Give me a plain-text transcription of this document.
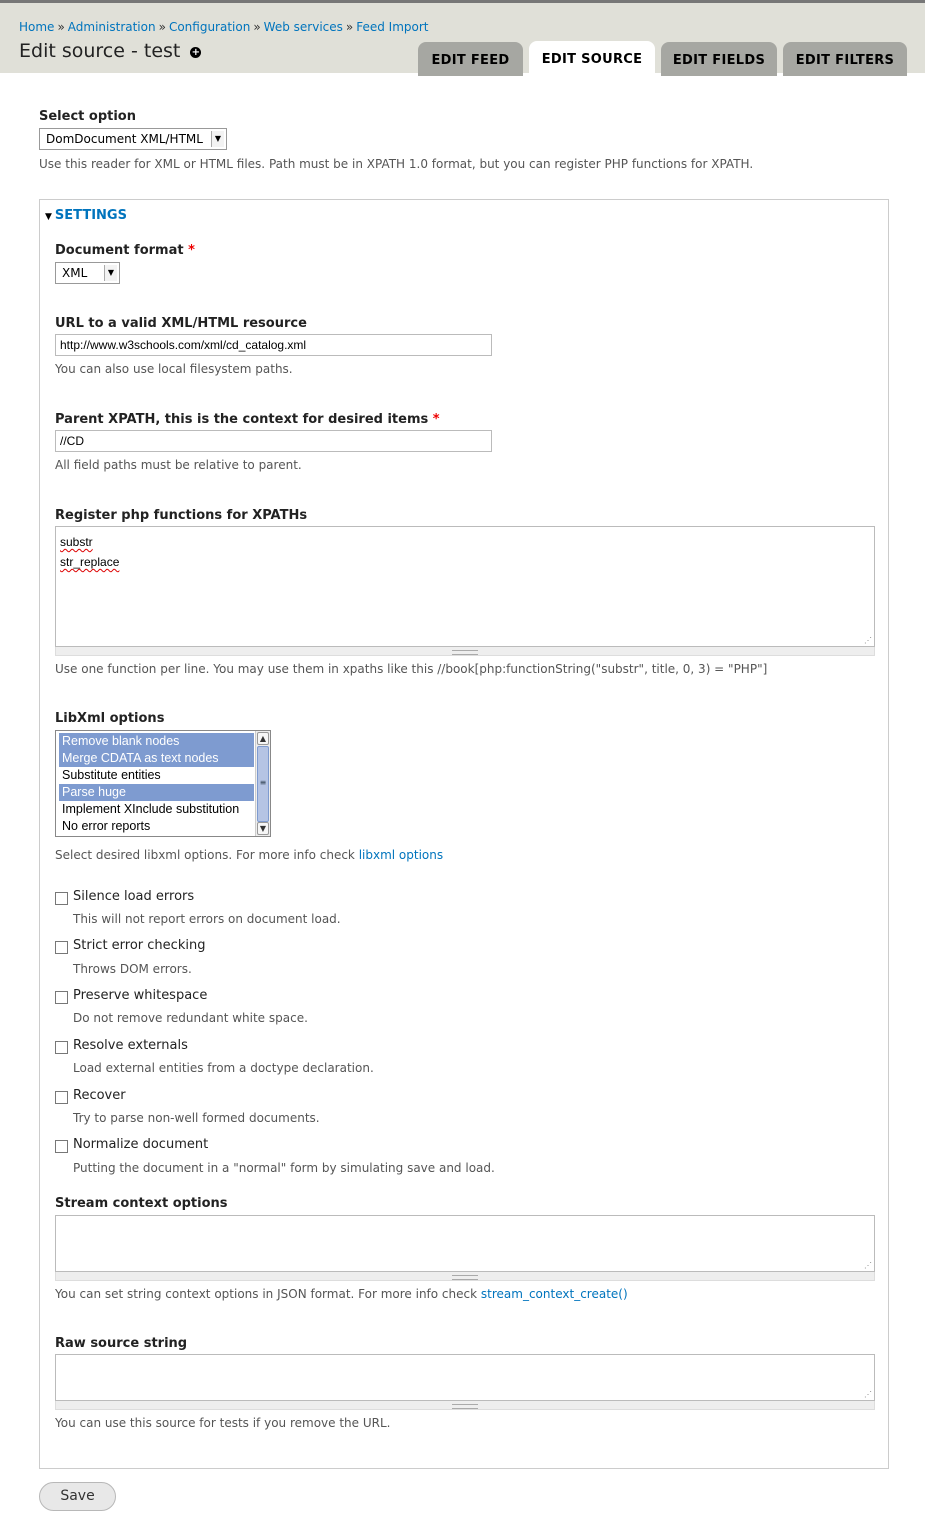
Home » Administration » Configuration » Web services » Feed Import
Edit source - test +
EDIT FEED	EDIT SOURCE	EDIT FIELDS	EDIT FILTERS
Select option
DomDocument XML/HTML	▼
Use this reader for XML or HTML files. Path must be in XPATH 1.0 format, but you can register PHP functions for XPATH.
▼ SETTINGS
Document format *
XML	▼
URL to a valid XML/HTML resource
http://www.w3schools.com/xml/cd_catalog.xml
You can also use local filesystem paths.
Parent XPATH, this is the context for desired items *
//CD
All field paths must be relative to parent.
Register php functions for XPATHs
substr
str_replace
⋰
Use one function per line. You may use them in xpaths like this //book[php:functionString("substr", title, 0, 3) = "PHP"]
LibXml options
Remove blank nodes
Merge CDATA as text nodes
Substitute entities
Parse huge
Implement XInclude substitution
No error reports
▲
≡
▼
Select desired libxml options. For more info check libxml options
Silence load errors
This will not report errors on document load.
Strict error checking
Throws DOM errors.
Preserve whitespace
Do not remove redundant white space.
Resolve externals
Load external entities from a doctype declaration.
Recover
Try to parse non-well formed documents.
Normalize document
Putting the document in a "normal" form by simulating save and load.
Stream context options
⋰
You can set string context options in JSON format. For more info check stream_context_create()
Raw source string
⋰
You can use this source for tests if you remove the URL.
Save
